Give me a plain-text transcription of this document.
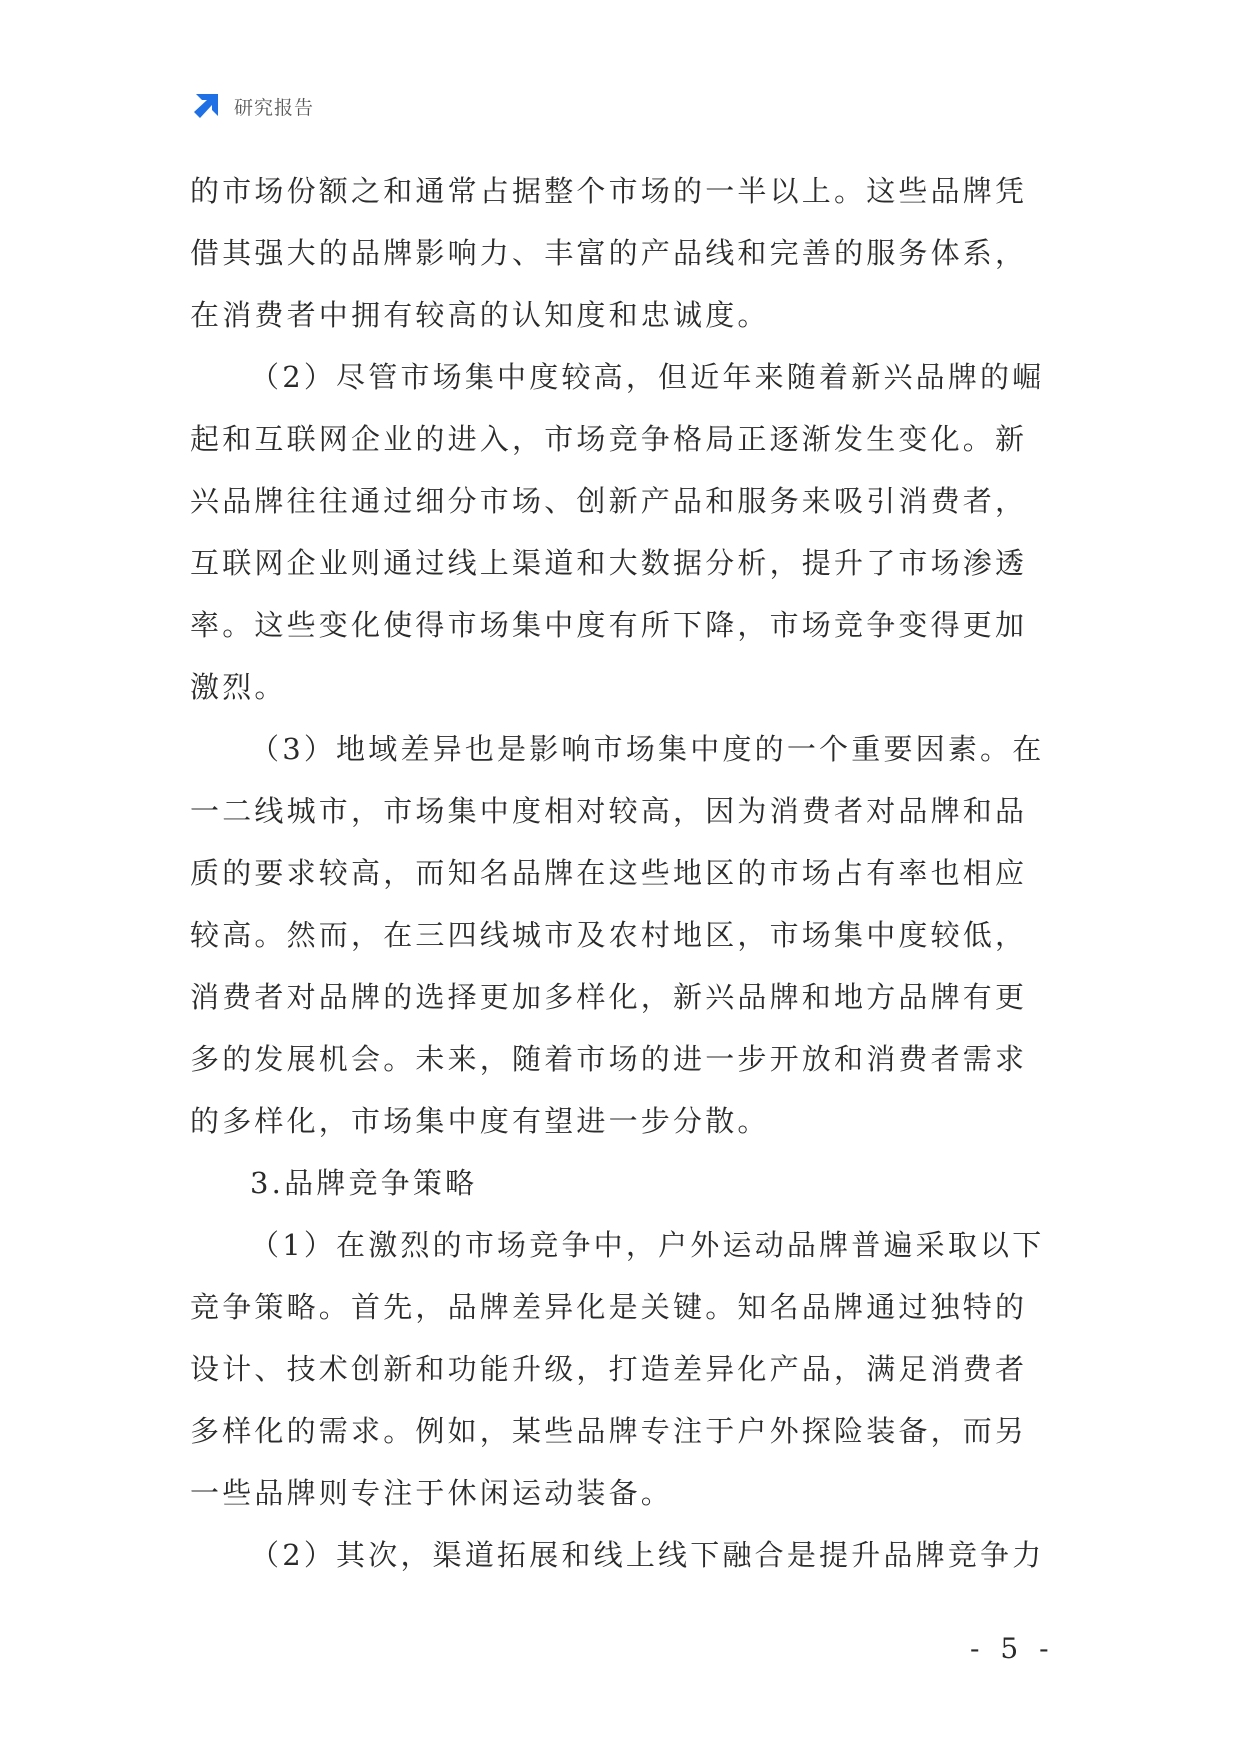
研究报告
的市场份额之和通常占据整个市场的一半以上。这些品牌凭
借其强大的品牌影响力、丰富的产品线和完善的服务体系，
在消费者中拥有较高的认知度和忠诚度。
（2）尽管市场集中度较高，但近年来随着新兴品牌的崛
起和互联网企业的进入，市场竞争格局正逐渐发生变化。新
兴品牌往往通过细分市场、创新产品和服务来吸引消费者，
互联网企业则通过线上渠道和大数据分析，提升了市场渗透
率。这些变化使得市场集中度有所下降，市场竞争变得更加
激烈。
（3）地域差异也是影响市场集中度的一个重要因素。在
一二线城市，市场集中度相对较高，因为消费者对品牌和品
质的要求较高，而知名品牌在这些地区的市场占有率也相应
较高。然而，在三四线城市及农村地区，市场集中度较低，
消费者对品牌的选择更加多样化，新兴品牌和地方品牌有更
多的发展机会。未来，随着市场的进一步开放和消费者需求
的多样化，市场集中度有望进一步分散。
3.品牌竞争策略
（1）在激烈的市场竞争中，户外运动品牌普遍采取以下
竞争策略。首先，品牌差异化是关键。知名品牌通过独特的
设计、技术创新和功能升级，打造差异化产品，满足消费者
多样化的需求。例如，某些品牌专注于户外探险装备，而另
一些品牌则专注于休闲运动装备。
（2）其次，渠道拓展和线上线下融合是提升品牌竞争力
- 5 -
